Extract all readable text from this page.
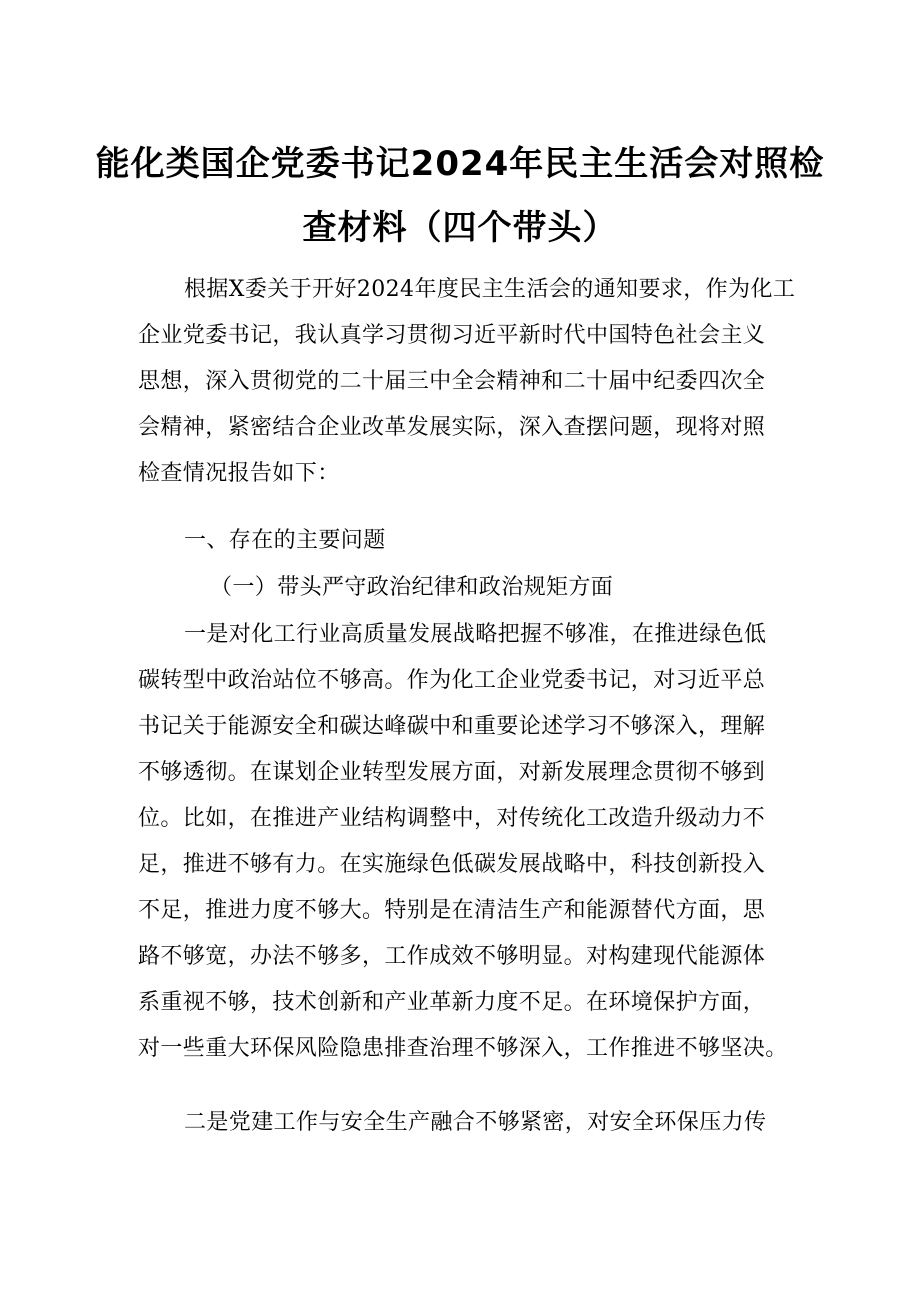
能化类国企党委书记2024年民主生活会对照检
查材料（四个带头）
根据X委关于开好2024年度民主生活会的通知要求，作为化工
企业党委书记，我认真学习贯彻习近平新时代中国特色社会主义
思想，深入贯彻党的二十届三中全会精神和二十届中纪委四次全
会精神，紧密结合企业改革发展实际，深入查摆问题，现将对照
检查情况报告如下：
一、存在的主要问题
（一）带头严守政治纪律和政治规矩方面
一是对化工行业高质量发展战略把握不够准，在推进绿色低
碳转型中政治站位不够高。作为化工企业党委书记，对习近平总
书记关于能源安全和碳达峰碳中和重要论述学习不够深入，理解
不够透彻。在谋划企业转型发展方面，对新发展理念贯彻不够到
位。比如，在推进产业结构调整中，对传统化工改造升级动力不
足，推进不够有力。在实施绿色低碳发展战略中，科技创新投入
不足，推进力度不够大。特别是在清洁生产和能源替代方面，思
路不够宽，办法不够多，工作成效不够明显。对构建现代能源体
系重视不够，技术创新和产业革新力度不足。在环境保护方面，
对一些重大环保风险隐患排查治理不够深入，工作推进不够坚决。
二是党建工作与安全生产融合不够紧密，对安全环保压力传
